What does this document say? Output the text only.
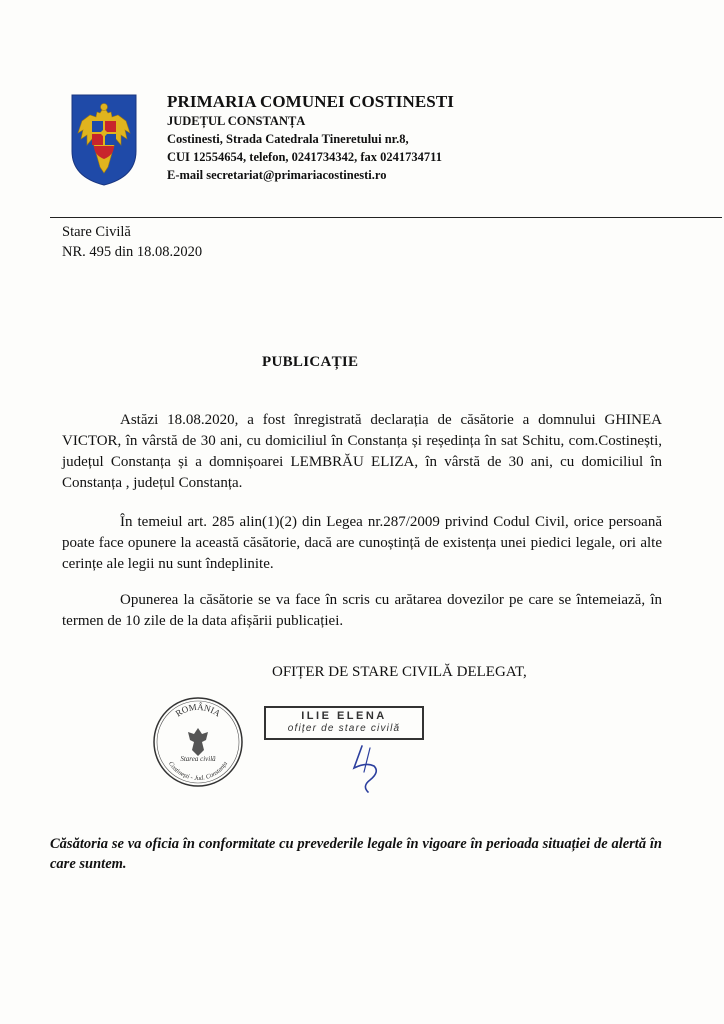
PRIMARIA COMUNEI COSTINESTI
JUDEȚUL CONSTANȚA
Costinesti, Strada Catedrala Tineretului nr.8,
CUI 12554654, telefon, 0241734342, fax 0241734711
E-mail secretariat@primariacostinesti.ro
Stare Civilă
NR. 495 din 18.08.2020
PUBLICAȚIE
Astăzi 18.08.2020, a fost înregistrată declarația de căsătorie a domnului GHINEA VICTOR, în vârstă de 30 ani, cu domiciliul în Constanța și reședința în sat Schitu, com.Costinești, județul Constanța și a domnișoarei LEMBRĂU ELIZA, în vârstă de 30 ani, cu domiciliul în Constanța , județul Constanța.
În temeiul art. 285 alin(1)(2) din Legea nr.287/2009 privind Codul Civil, orice persoană poate face opunere la această căsătorie, dacă are cunoștință de existența unei piedici legale, ori alte cerințe ale legii nu sunt îndeplinite.
Opunerea la căsătorie se va face în scris cu arătarea dovezilor pe care se întemeiază, în termen de 10 zile de la data afișării publicației.
OFIȚER DE STARE CIVILĂ DELEGAT,
ROMÂNIA
Starea civilă
Costinești - Jud. Constanța
ILIE ELENA
ofițer de stare civilă
Căsătoria se va oficia în conformitate cu prevederile legale în vigoare în perioada situației de alertă în care suntem.
